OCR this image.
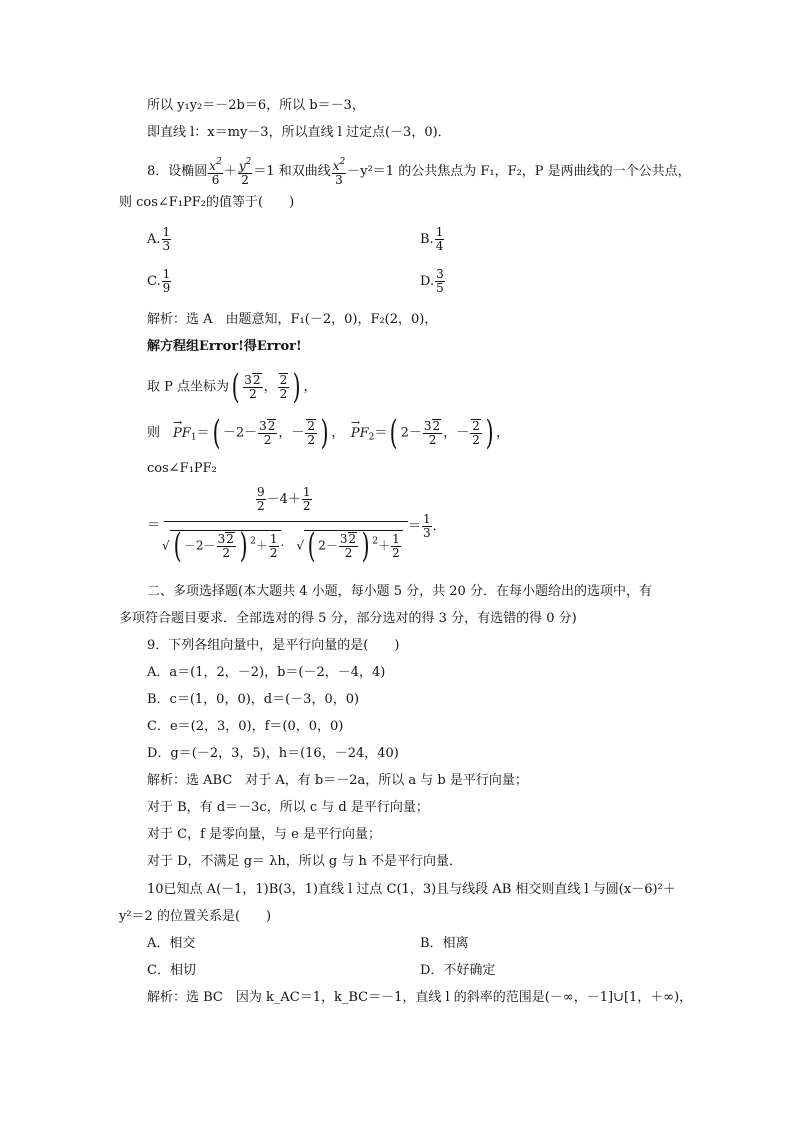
所以 y₁y₂＝－2b＝6，所以 b＝－3，
即直线 l：x＝my－3，所以直线 l 过定点(－3，0)．
8．设椭圆 $\frac{x^2}{6} + \frac{y^2}{2} =1$ 和双曲线 $\frac{x^2}{3} -y^2=1$ 的公共焦点为 F₁，F₂，P 是两曲线的一个公共点，
则 cos∠F₁PF₂的值等于(　　)
A. $\frac{1}{3}$	B. $\frac{1}{4}$
C. $\frac{1}{9}$	D. $\frac{3}{5}$
解析：选 A　由题意知，F₁(－2，0)，F₂(2，0)，
解方程组Error!得Error!
取 P 点坐标为( $\frac{32}{2}$ ， $\frac{2}{2}$ ) ，
则　→ $PF_1=( -2- \frac{32}{2}$ ，－ $\frac{2}{2}$ ) ，　→ $PF_2=$( $2- \frac{32}{2}$ ，－ $\frac{2}{2}$ ) ，
cos∠F₁PF₂
＝
$\frac{9}{2} -4+ \frac{1}{2}$
√ ( $-2- \frac{32}{2}$ ) $^2+ \frac{1}{2}$ ·　√ ( $2- \frac{32}{2}$ ) $^2+ \frac{1}{2}$
＝ $\frac{1}{3}$ ．
二、多项选择题(本大题共 4 小题，每小题 5 分，共 20 分．在每小题给出的选项中，有
多项符合题目要求．全部选对的得 5 分，部分选对的得 3 分，有选错的得 0 分)
9．下列各组向量中，是平行向量的是(　　)
A．a＝(1，2，－2)，b＝(－2，－4，4)
B．c＝(1，0，0)，d＝(－3，0，0)
C．e＝(2，3，0)，f＝(0，0，0)
D．g＝(－2，3，5)，h＝(16，－24，40)
解析：选 ABC　对于 A，有 b＝－2a，所以 a 与 b 是平行向量；
对于 B，有 d＝－3c，所以 c 与 d 是平行向量；
对于 C，f 是零向量，与 e 是平行向量；
对于 D，不满足 g＝ λh，所以 g 与 h 不是平行向量．
10已知点 A(－1，1)B(3，1)直线 l 过点 C(1，3)且与线段 AB 相交则直线 l 与圆(x－6)²＋
y²＝2 的位置关系是(　　)
A．相交	B．相离
C．相切	D．不好确定
解析：选 BC　因为 k_AC＝1，k_BC＝－1，直线 l 的斜率的范围是(－∞，－1]∪[1，＋∞)，
